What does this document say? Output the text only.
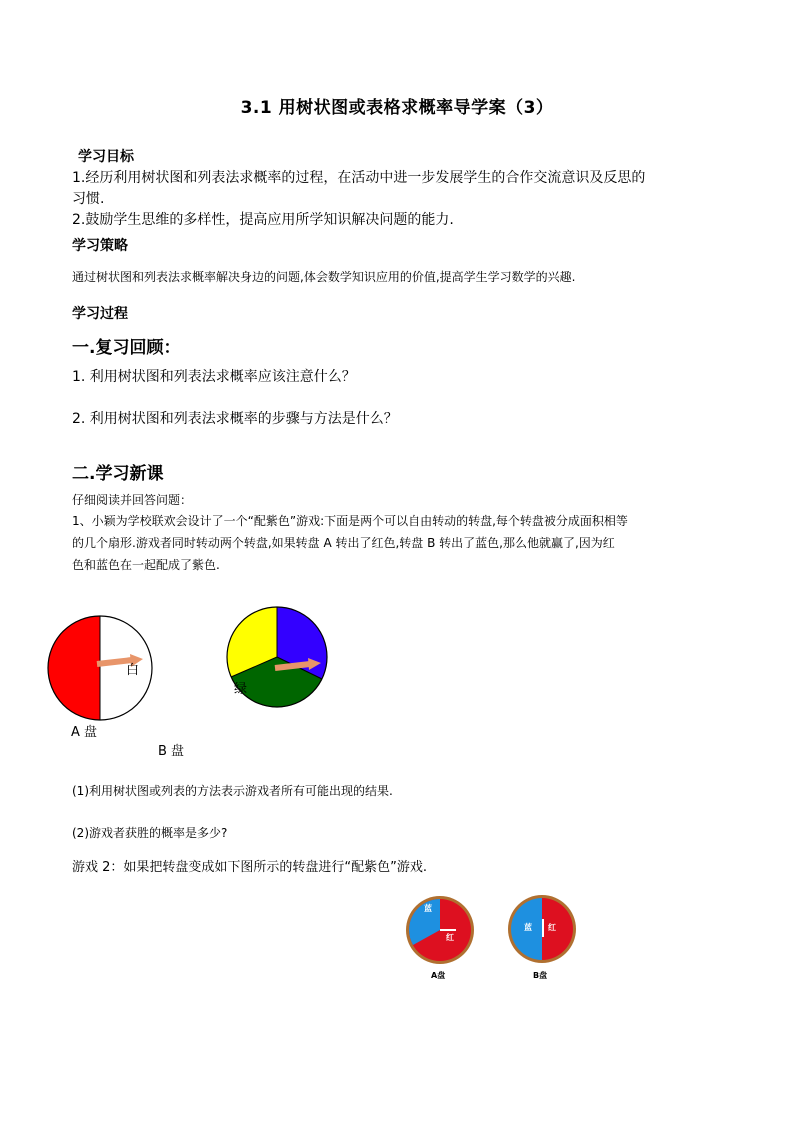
3.1 用树状图或表格求概率导学案（3）
学习目标
1.经历利用树状图和列表法求概率的过程，在活动中进一步发展学生的合作交流意识及反思的
习惯.
2.鼓励学生思维的多样性，提高应用所学知识解决问题的能力.
学习策略
通过树状图和列表法求概率解决身边的问题,体会数学知识应用的价值,提高学生学习数学的兴趣.
学习过程
一.复习回顾：
1. 利用树状图和列表法求概率应该注意什么？
2. 利用树状图和列表法求概率的步骤与方法是什么？
二.学习新课
仔细阅读并回答问题：
1、小颖为学校联欢会设计了一个“配紫色”游戏:下面是两个可以自由转动的转盘,每个转盘被分成面积相等
的几个扇形.游戏者同时转动两个转盘,如果转盘 A 转出了红色,转盘 B 转出了蓝色,那么他就赢了,因为红
色和蓝色在一起配成了紫色.
白
A 盘
绿
B 盘
(1)利用树状图或列表的方法表示游戏者所有可能出现的结果.
(2)游戏者获胜的概率是多少?
游戏 2：如果把转盘变成如下图所示的转盘进行“配紫色”游戏.
蓝
红
A盘
蓝 红
B盘
